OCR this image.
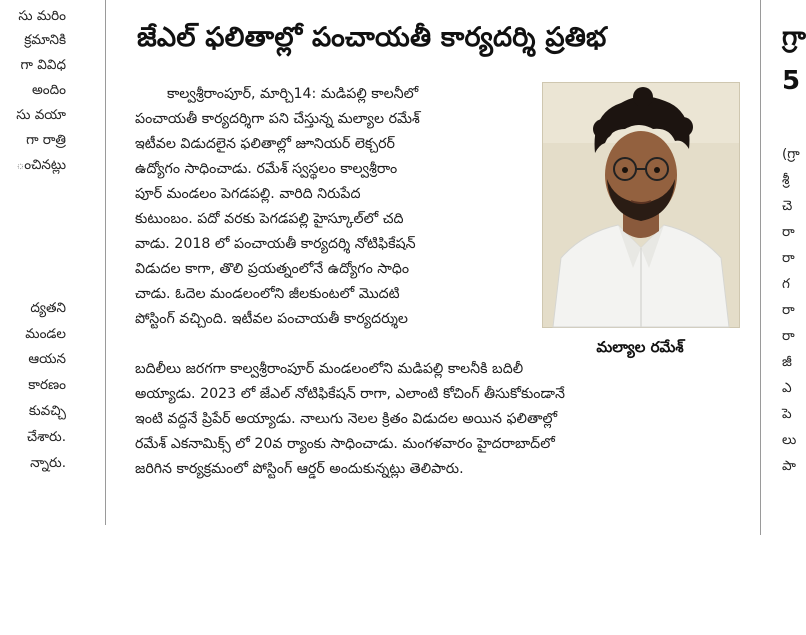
సు మరిం
క్రమానికి
గా వివిధ
అందిం
సు వయా
గా రాత్రి
ంచినట్లు
ద్యతని
మండల
ఆయన
కారణం
కువచ్చి
చేశారు.
న్నారు.
జేఎల్ ఫలితాల్లో పంచాయతీ కార్యదర్శి ప్రతిభ
కాల్వశ్రీరాంపూర్, మార్చి14: మడిపల్లి కాలనీలో
పంచాయతీ కార్యదర్శిగా పని చేస్తున్న మల్యాల రమేశ్
ఇటీవల విడుదలైన ఫలితాల్లో జూనియర్ లెక్చరర్
ఉద్యోగం సాధించాడు. రమేశ్ స్వస్థలం కాల్వశ్రీరాం
పూర్ మండలం పెగడపల్లి. వారిది నిరుపేద
కుటుంబం. పదో వరకు పెగడపల్లి హైస్కూల్‌లో చది
వాడు. 2018 లో పంచాయతీ కార్యదర్శి నోటిఫికేషన్
విడుదల కాగా, తొలి ప్రయత్నంలోనే ఉద్యోగం సాధిం
చాడు. ఓదెల మండలంలోని జీలకుంటలో మొదటి
పోస్టింగ్ వచ్చింది. ఇటీవల పంచాయతీ కార్యదర్శుల
బదిలీలు జరగగా కాల్వశ్రీరాంపూర్ మండలంలోని మడిపల్లి కాలనీకి బదిలీ
అయ్యాడు. 2023 లో జేఎల్ నోటిఫికేషన్ రాగా, ఎలాంటి కోచింగ్ తీసుకోకుండానే
ఇంటి వద్దనే ప్రిపేర్ అయ్యాడు. నాలుగు నెలల క్రితం విడుదల అయిన ఫలితాల్లో
రమేశ్ ఎకనామిక్స్ లో 20వ ర్యాంకు సాధించాడు. మంగళవారం హైదరాబాద్‌లో
జరిగిన కార్యక్రమంలో పోస్టింగ్ ఆర్డర్ అందుకున్నట్లు తెలిపారు.
మల్యాల రమేశ్
గ్రా
5
(గ్రా
శ్రీ
చె
రా
రా
గ
రా
రా
జీ
ఎ
పె
లు
పా
